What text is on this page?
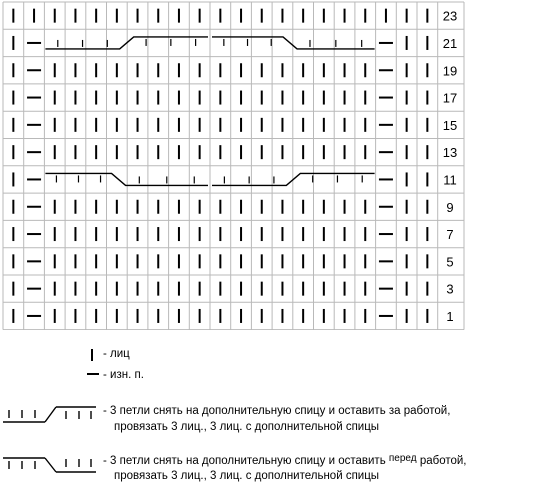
23
21
19
17
15
13
11
9
7
5
3
1
- лиц
- изн. п.
- 3 петли снять на дополнительную спицу и оставить за работой,
провязать 3 лиц., 3 лиц. с дополнительной спицы
- 3 петли снять на дополнительную спицу и оставить перед работой,
провязать 3 лиц., 3 лиц. с дополнительной спицы
